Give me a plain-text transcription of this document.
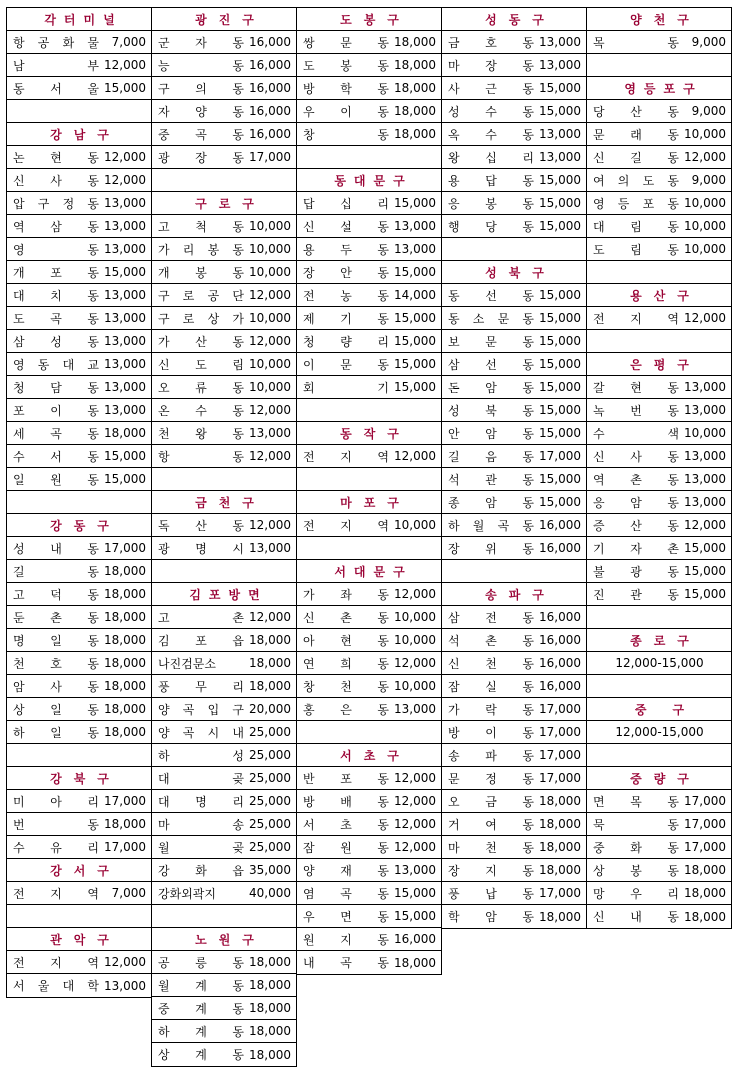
각터미널
항 공 화 물	7,000
남	부 12,000
동 서 울 15,000
강남구
논 현 동 12,000
신 사 동 12,000
압 구 정 동 13,000
역 삼 동 13,000
영	동 13,000
개 포 동 15,000
대 치 동 13,000
도 곡 동 13,000
삼 성 동 13,000
영 동 대 교 13,000
청 담 동 13,000
포 이 동 13,000
세 곡 동 18,000
수 서 동 15,000
일 원 동 15,000
강동구
성 내 동 17,000
길	동 18,000
고 덕 동 18,000
둔 촌 동 18,000
명 일 동 18,000
천 호 동 18,000
암 사 동 18,000
상 일 동 18,000
하 일 동 18,000
강북구
미 아 리 17,000
번	동 18,000
수 유 리 17,000
강서구
전 지 역	7,000
관악구
전 지 역 12,000
서 울 대 학 13,000
광진구
군 자 동 16,000
능	동 16,000
구 의 동 16,000
자 양 동 16,000
중 곡 동 16,000
광 장 동 17,000
구로구
고 척 동 10,000
가 리 봉 동 10,000
개 봉 동 10,000
구 로 공 단 12,000
구 로 상 가 10,000
가 산 동 12,000
신 도 림 10,000
오 류 동 10,000
온 수 동 12,000
천 왕 동 13,000
항	동 12,000
금천구
독 산 동 12,000
광 명 시 13,000
김포방면
고	촌 12,000
김 포 읍 18,000
나 진 검 문 소	18,000
풍 무 리 18,000
양 곡 입 구 20,000
양 곡 시 내 25,000
하	성 25,000
대	곶 25,000
대 명 리 25,000
마	송 25,000
월	곶 25,000
강 화 읍 35,000
강 화 외 곽 지	40,000
노원구
공 릉 동 18,000
월 계 동 18,000
중 계 동 18,000
하 계 동 18,000
상 계 동 18,000
도봉구
쌍 문 동 18,000
도 봉 동 18,000
방 학 동 18,000
우 이 동 18,000
창	동 18,000
동대문구
답 십 리 15,000
신 설 동 13,000
용 두 동 13,000
장 안 동 15,000
전 농 동 14,000
제 기 동 15,000
청 량 리 15,000
이 문 동 15,000
회	기 15,000
동작구
전 지 역 12,000
마포구
전 지 역 10,000
서대문구
가 좌 동 12,000
신 촌 동 10,000
아 현 동 10,000
연 희 동 12,000
창 천 동 10,000
홍 은 동 13,000
서초구
반 포 동 12,000
방 배 동 12,000
서 초 동 12,000
잠 원 동 12,000
양 재 동 13,000
염 곡 동 15,000
우 면 동 15,000
원 지 동 16,000
내 곡 동 18,000
성동구
금 호 동 13,000
마 장 동 13,000
사 근 동 15,000
성 수 동 15,000
옥 수 동 13,000
왕 십 리 13,000
용 답 동 15,000
응 봉 동 15,000
행 당 동 15,000
성북구
동 선 동 15,000
동 소 문 동 15,000
보 문 동 15,000
삼 선 동 15,000
돈 암 동 15,000
성 북 동 15,000
안 암 동 15,000
길 음 동 17,000
석 관 동 15,000
종 암 동 15,000
하 월 곡 동 16,000
장 위 동 16,000
송파구
삼 전 동 16,000
석 촌 동 16,000
신 천 동 16,000
잠 실 동 16,000
가 락 동 17,000
방 이 동 17,000
송 파 동 17,000
문 정 동 17,000
오 금 동 18,000
거 여 동 18,000
마 천 동 18,000
장 지 동 18,000
풍 납 동 17,000
학 암 동 18,000
양천구
목	동	9,000
영등포구
당 산 동	9,000
문 래 동 10,000
신 길 동 12,000
여 의 도 동	9,000
영 등 포 동 10,000
대 림 동 10,000
도 림 동 10,000
용산구
전 지 역 12,000
은평구
갈 현 동 13,000
녹 번 동 13,000
수	색 10,000
신 사 동 13,000
역 촌 동 13,000
응 암 동 13,000
증 산 동 12,000
기 자 촌 15,000
불 광 동 15,000
진 관 동 15,000
종로구
12,000-15,000
중구
12,000-15,000
중량구
면 목 동 17,000
묵	동 17,000
중 화 동 17,000
상 봉 동 18,000
망 우 리 18,000
신 내 동 18,000
